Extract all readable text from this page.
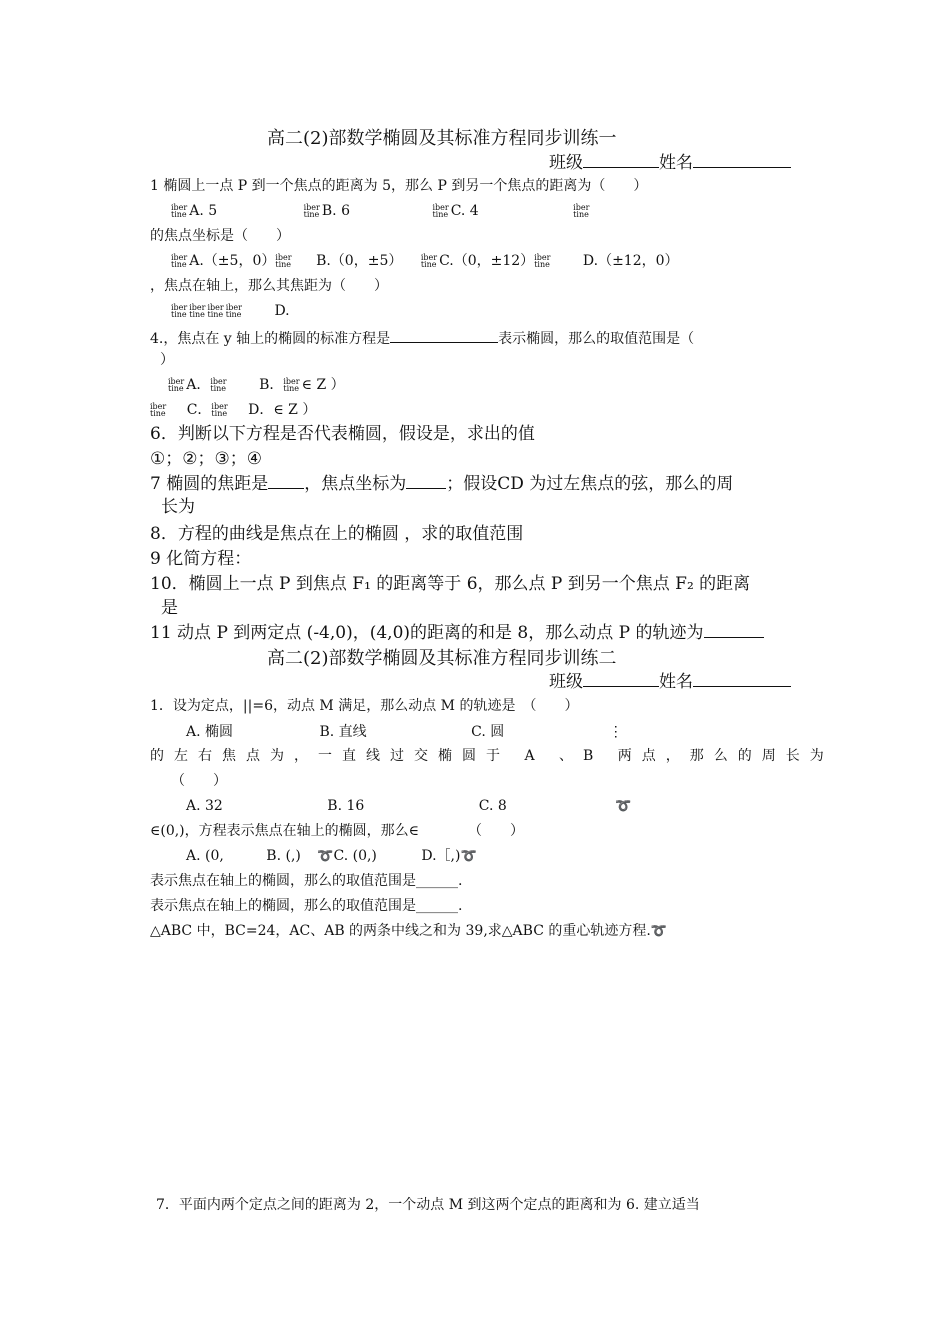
高二(2)部数学椭圆及其标准方程同步训练一
班级	姓名
1 椭圆上一点 P 到一个焦点的距离为 5，那么 P 到另一个焦点的距离为（　　）
iber
tine A. 5	iber
tine B. 6	iber
tine C. 4	iber
tine
的焦点坐标是（　　）
iber
tine A.（±5，0） iber
tine B.（0，±5） iber
tine C.（0，±12） iber
tine D.（±12，0）
，焦点在轴上，那么其焦距为（　　）
iber
tine
iber
tine
iber
tine
iber
tine D.
4.，焦点在 y 轴上的椭圆的标准方程是	表示椭圆，那么的取值范围是（
）
iber
tine A． iber
tine B． iber
tine ∈ Z ）
iber
tine C． iber
tine D．∈ Z ）
6．判断以下方程是否代表椭圆，假设是，求出的值
①；②；③；④
7 椭圆的焦距是 ，焦点坐标为 ；假设CD 为过左焦点的弦，那么的周
长为
8．方程的曲线是焦点在上的椭圆 ，求的取值范围
9 化简方程：
10．椭圆上一点 P 到焦点 F₁ 的距离等于 6，那么点 P 到另一个焦点 F₂ 的距离
是
11 动点 P 到两定点 (-4,0)，(4,0)的距离的和是 8，那么动点 P 的轨迹为
高二(2)部数学椭圆及其标准方程同步训练二
班级	姓名
1．设为定点，||=6，动点 M 满足，那么动点 M 的轨迹是　（　　）
A. 椭圆	B. 直线	C. 圆	⋮
的左右焦点为，一直线过交椭圆于 A 、B 两点，那么的周长为
（　　）
A. 32	B. 16	C. 8	➰
∈(0,)，方程表示焦点在轴上的椭圆，那么∈　　　　（　　）
A. (0,	B. (,) ➰C. (0,)	D.［,)➰
表示焦点在轴上的椭圆，那么的取值范围是______.
表示焦点在轴上的椭圆，那么的取值范围是______.
△ABC 中，BC=24，AC、AB 的两条中线之和为 39,求△ABC 的重心轨迹方程.➰
7．平面内两个定点之间的距离为 2，一个动点 M 到这两个定点的距离和为 6. 建立适当
